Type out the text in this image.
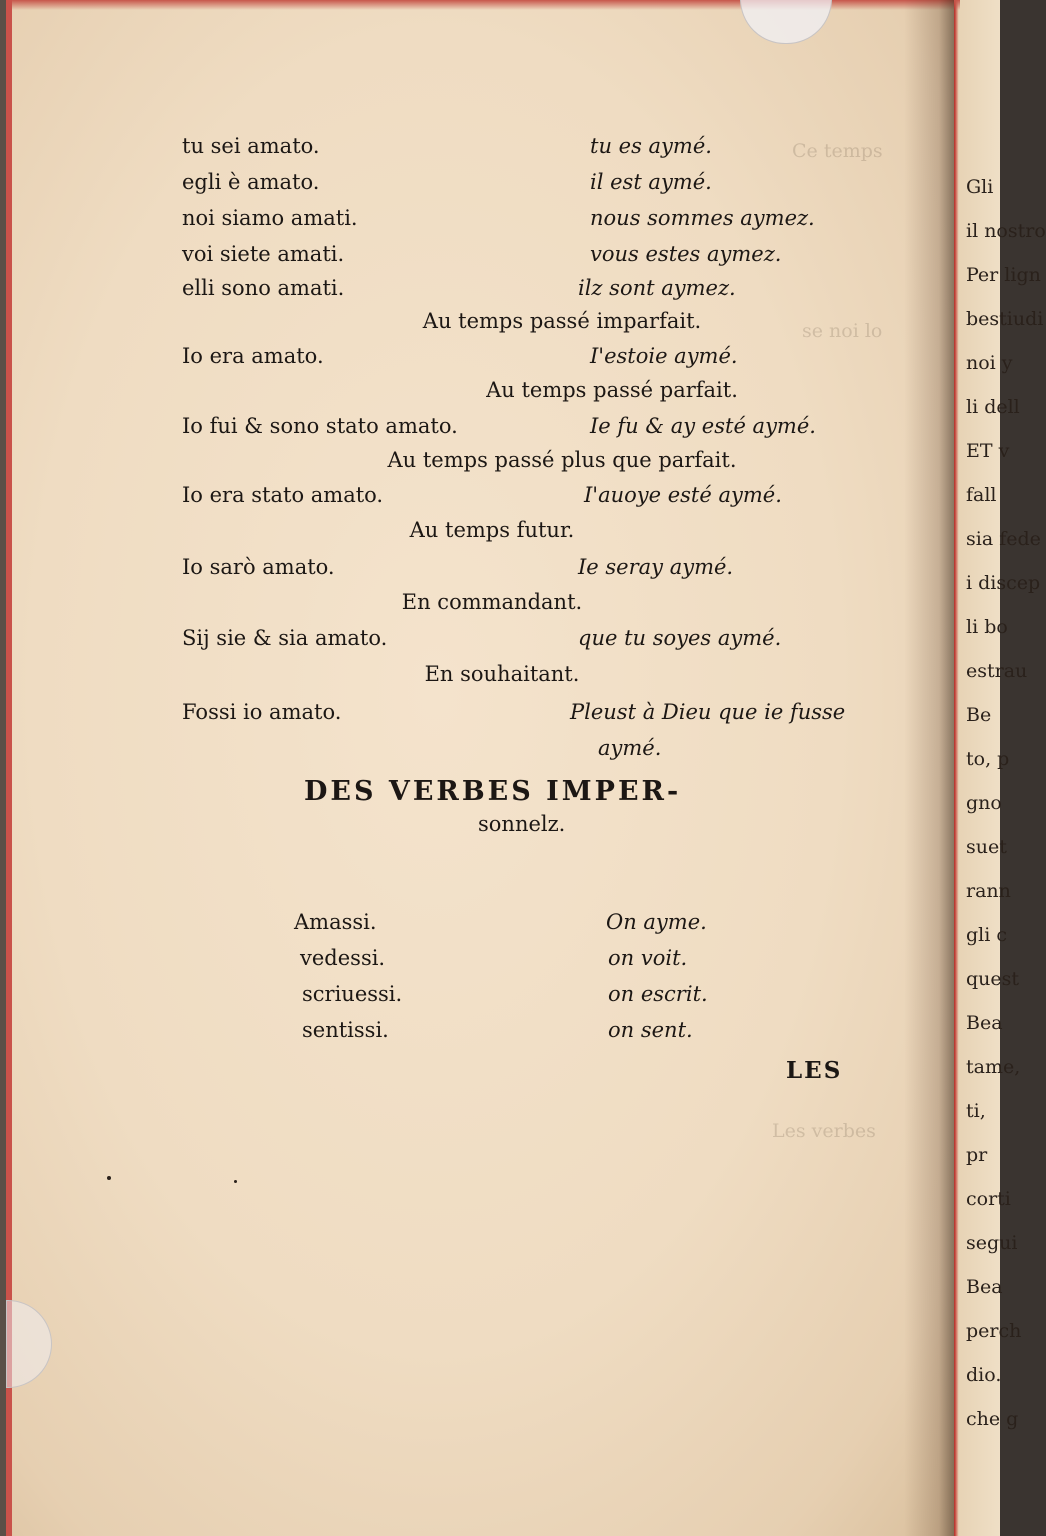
Gli
il nostro
Per lign
bestiudi
noi y
li dell
ET v
fall
sia fede
i discep
li bo
estrau
Be
to, p
gno
suet
rann
gli c
quest
Bea
tame,
ti,
pr
corti
segui
Bea
perch
dio.
che g
Ce temps
se noi lo
Les verbes
tu sei amato.	tu es aymé.
egli è amato.	il est aymé.
noi siamo amati.	nous sommes aymez.
voi siete amati.	vous estes aymez.
elli sono amati.	ilz sont aymez.
Au temps passé imparfait.
Io era amato.	I'estoie aymé.
Au temps passé parfait.
Io fui & sono stato amato.	Ie fu & ay esté aymé.
Au temps passé plus que parfait.
Io era stato amato.	I'auoye esté aymé.
Au temps futur.
Io sarò amato.	Ie seray aymé.
En commandant.
Sij sie & sia amato.	que tu soyes aymé.
En souhaitant.
Fossi io amato.	Pleust à Dieu que ie fusse
aymé.
DES VERBES IMPER-
sonnelz.
Amassi.	On ayme.
vedessi.	on voit.
scriuessi.	on escrit.
sentissi.	on sent.
LES
